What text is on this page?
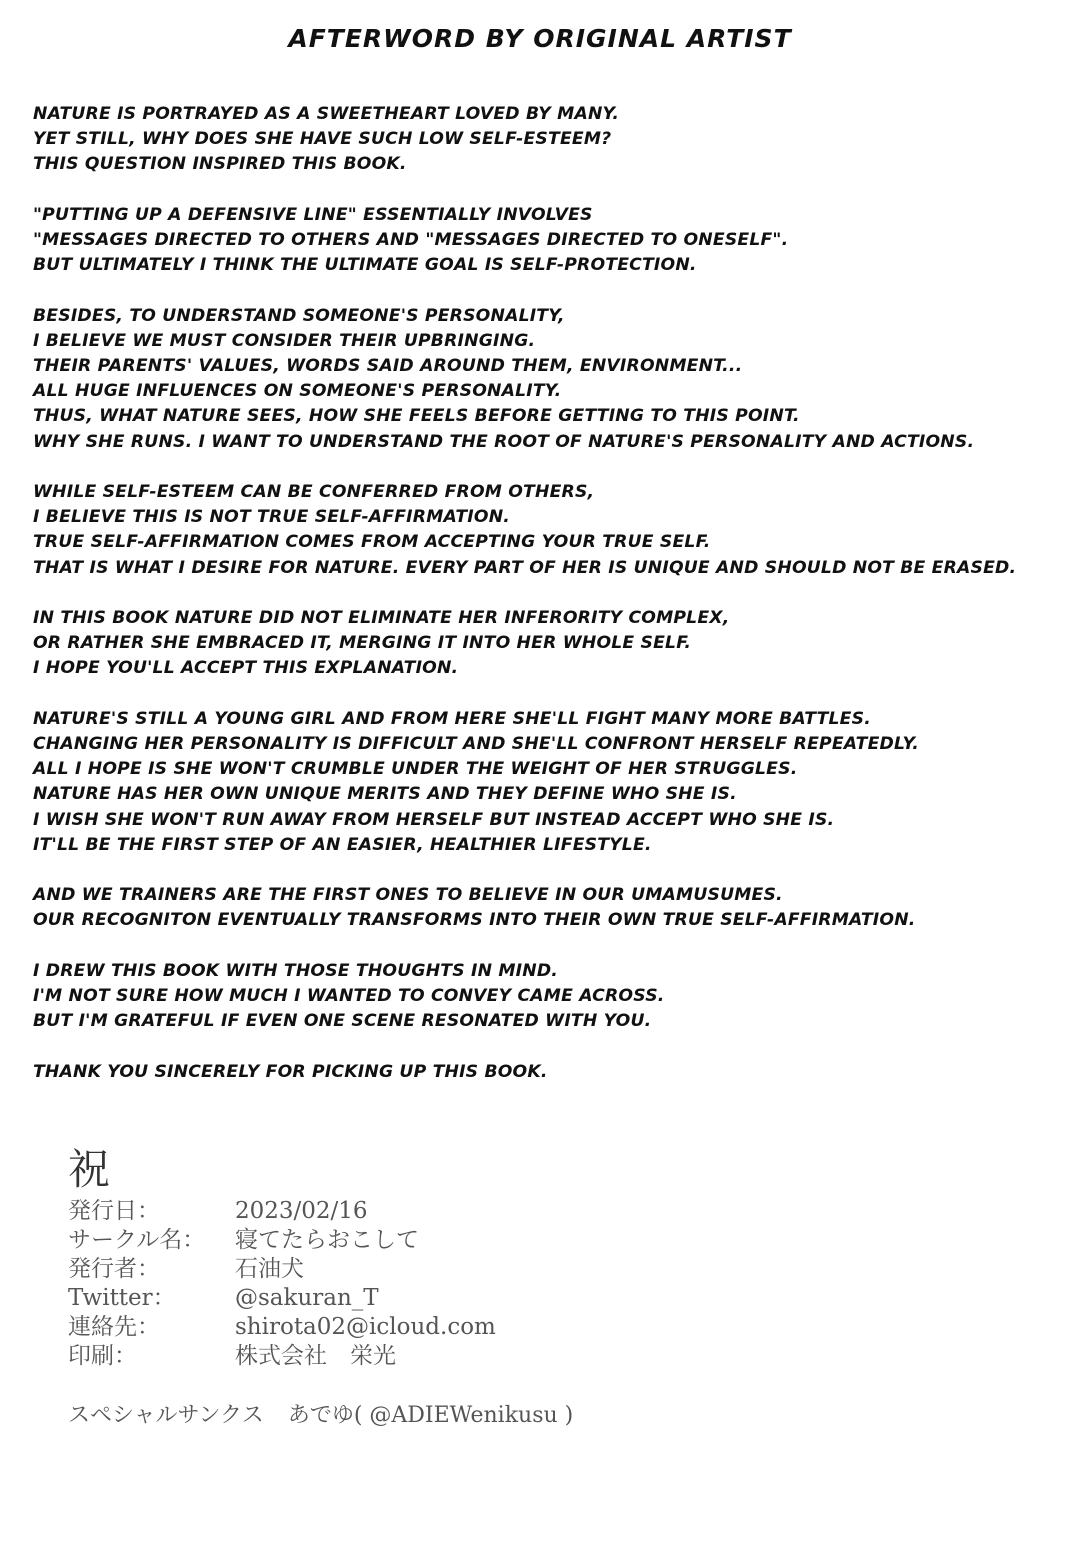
AFTERWORD BY ORIGINAL ARTIST

NATURE IS PORTRAYED AS A SWEETHEART LOVED BY MANY.
YET STILL, WHY DOES SHE HAVE SUCH LOW SELF-ESTEEM?
THIS QUESTION INSPIRED THIS BOOK.

"PUTTING UP A DEFENSIVE LINE" ESSENTIALLY INVOLVES
"MESSAGES DIRECTED TO OTHERS AND "MESSAGES DIRECTED TO ONESELF".
BUT ULTIMATELY I THINK THE ULTIMATE GOAL IS SELF-PROTECTION.

BESIDES, TO UNDERSTAND SOMEONE'S PERSONALITY,
I BELIEVE WE MUST CONSIDER THEIR UPBRINGING.
THEIR PARENTS' VALUES, WORDS SAID AROUND THEM, ENVIRONMENT...
ALL HUGE INFLUENCES ON SOMEONE'S PERSONALITY.
THUS, WHAT NATURE SEES, HOW SHE FEELS BEFORE GETTING TO THIS POINT.
WHY SHE RUNS. I WANT TO UNDERSTAND THE ROOT OF NATURE'S PERSONALITY AND ACTIONS.

WHILE SELF-ESTEEM CAN BE CONFERRED FROM OTHERS,
I BELIEVE THIS IS NOT TRUE SELF-AFFIRMATION.
TRUE SELF-AFFIRMATION COMES FROM ACCEPTING YOUR TRUE SELF.
THAT IS WHAT I DESIRE FOR NATURE. EVERY PART OF HER IS UNIQUE AND SHOULD NOT BE ERASED.

IN THIS BOOK NATURE DID NOT ELIMINATE HER INFERORITY COMPLEX,
OR RATHER SHE EMBRACED IT, MERGING IT INTO HER WHOLE SELF.
I HOPE YOU'LL ACCEPT THIS EXPLANATION.

NATURE'S STILL A YOUNG GIRL AND FROM HERE SHE'LL FIGHT MANY MORE BATTLES.
CHANGING HER PERSONALITY IS DIFFICULT AND SHE'LL CONFRONT HERSELF REPEATEDLY.
ALL I HOPE IS SHE WON'T CRUMBLE UNDER THE WEIGHT OF HER STRUGGLES.
NATURE HAS HER OWN UNIQUE MERITS AND THEY DEFINE WHO SHE IS.
I WISH SHE WON'T RUN AWAY FROM HERSELF BUT INSTEAD ACCEPT WHO SHE IS.
IT'LL BE THE FIRST STEP OF AN EASIER, HEALTHIER LIFESTYLE.

AND WE TRAINERS ARE THE FIRST ONES TO BELIEVE IN OUR UMAMUSUMES.
OUR RECOGNITON EVENTUALLY TRANSFORMS INTO THEIR OWN TRUE SELF-AFFIRMATION.

I DREW THIS BOOK WITH THOSE THOUGHTS IN MIND.
I'M NOT SURE HOW MUCH I WANTED TO CONVEY CAME ACROSS.
BUT I'M GRATEFUL IF EVEN ONE SCENE RESONATED WITH YOU.

THANK YOU SINCERELY FOR PICKING UP THIS BOOK.

祝
発行日：	2023/02/16
サークル名：	寝てたらおこして
発行者：	石油犬
Twitter：	@sakuran_T
連絡先：	shirota02@icloud.com
印刷：	株式会社　栄光
スペシャルサンクス あでゆ( @ADIEWenikusu )
